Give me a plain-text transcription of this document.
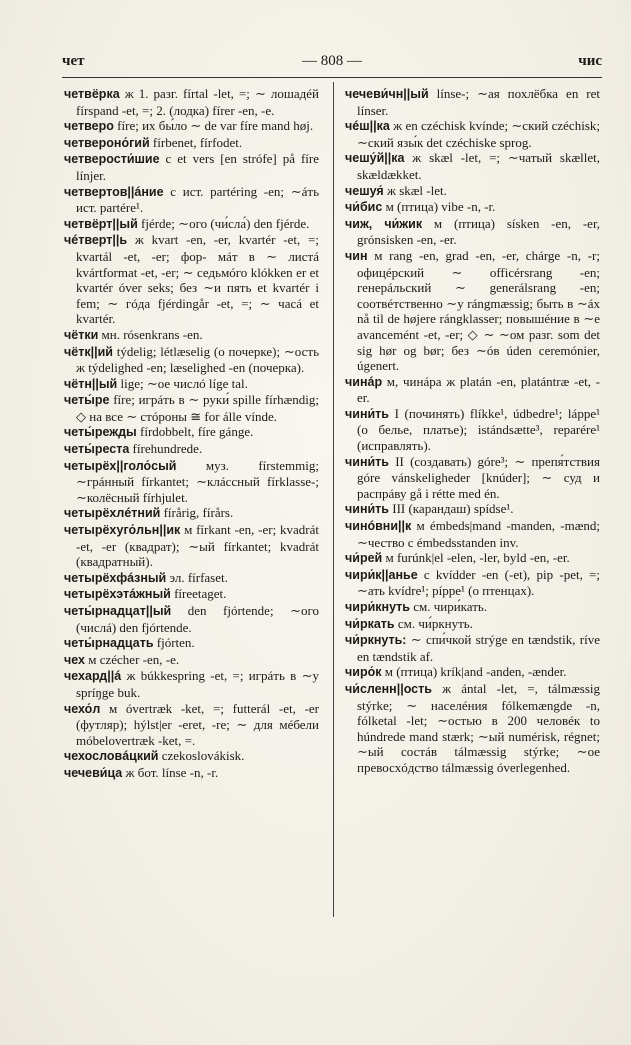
чет	— 808 —	чис

четвёрка ж 1. разг. fírtal -let, =; ∼ лошадéй fírspand -et, =; 2. (лодка) fírer -en, -e.

четверо fíre; их бы́ло ∼ de var fíre mand høj.

четвероно́гий fírbenet, fírfodet.

четверости́шие с et vers [en strófe] på fíre línjer.

четвертов||áние с ист. partéring -en; ∼áть ист. partére¹.

четвёрт||ый fjérde; ∼ого (чи́сла́) den fjérde.

чéтверт||ь ж kvart -en, -er, kvartér -et, =; kvartál -et, -er; фор- мáт в ∼ листá kvártformat -et, -er; ∼ седьмóго klókken er et kvartér óver seks; без ∼и пять et kvartér i fem; ∼ гóда fjérdingår -et, =; ∼ часá et kvartér.

чётки мн. rósenkrans -en.

чётк||ий týdelig; létlæselig (о почерке); ∼ость ж týdelighed -en; læselighed -en (почерка).

чётн||ый lige; ∼ое числó líge tal.

четы́ре fíre; игрáть в ∼ руки́ spille fírhændig; ◇ на все ∼ стóроны ≅ for álle vínde.

четы́режды fírdobbelt, fíre gánge.

четы́реста fírehundrede.

четырёх||голо́сый муз. fírstemmig; ∼грáнный fírkantet; ∼клáссный fírklasse-; ∼колёсный fírhjulet.

четырёхлéтний fírårig, fírårs.

четырёхуго́льн||ик м fírkant -en, -er; kvadrát -et, -er (квадрат); ∼ый fírkantet; kvadrát (квадратный).

четырёхфáзный эл. fírfaset.

четырёхэтáжный fíreetaget.

четы́рнадцат||ый den fjórtende; ∼ого (числá) den fjórtende.

четы́рнадцать fjórten.

чех м czécher -en, -e.

чехард||á ж búkkespring -et, =; игрáть в ∼у spríŋge buk.

чехо́л м óvertræk -ket, =; futterál -et, -er (футляр); hýlst|er -eret, -re; ∼ для мéбели móbelovertræk -ket, =.

чехословáцкий czekoslovákisk.

чечеви́ца ж бот. línse -n, -r.

чечеви́чн||ый línse-; ∼ая похлёбка en ret línser.

чéш||ка ж en czéchisk kvínde; ∼ский czéchisk; ∼ский язы́к det czéchiske sprog.

чешу́й||ка ж skæl -let, =; ∼чатый skællet, skældækket.

чешуя́ ж skæl -let.

чи́бис м (птица) vibe -n, -r.

чиж, чи́жик м (птица) sísken -en, -er, grónsisken -en, -er.

чин м rang -en, grad -en, -er, chárge -n, -r; офицéрский ∼ officérsrang -en; генерáльский ∼ generálsrang -en; соотвéтственно ∼у rángmæssig; быть в ∼áх nå til de højere rángklasser; повышéние в ∼е avancemént -et, -er; ◇ ∼ ∼ом разг. som det sig hør og bør; без ∼óв úden ceremónier, úgenert.

чинáр м, чинáра ж platán -en, platántræ -et, -er.

чини́ть I (починять) flíkke¹, údbedre¹; láppe¹ (о белье, платье); istándsætte³, reparére¹ (исправлять).

чини́ть II (создавать) góre³; ∼ препя́тствия góre vánskeligheder [knúder]; ∼ суд и распрáву gå i rétte med én.

чини́ть III (карандаш) spídse¹.

чинóвни||к м émbeds|mand -manden, -mænd; ∼чество с émbedsstanden inv.

чи́рей м furúnk|el -elen, -ler, byld -en, -er.

чири́к||анье с kvídder -en (-et), pip -pet, =; ∼ать kvídre¹; píppe¹ (о птенцах).

чири́кнуть см. чири́кать.

чи́ркать см. чи́ркнуть.

чи́ркнуть: ∼ спи́чкой strýge en tændstik, ríve en tændstik af.

чиро́к м (птица) krík|and -anden, -ænder.

чи́сленн||ость ж ántal -let, =, tálmæssig stýrke; ∼ населéния fólkemængde -n, fólketal -let; ∼остью в 200 человéк to húndrede mand stærk; ∼ый numérisk, régnet; ∼ый состáв tálmæssig stýrke; ∼ое превосхóдство tálmæssig óverlegenhed.
